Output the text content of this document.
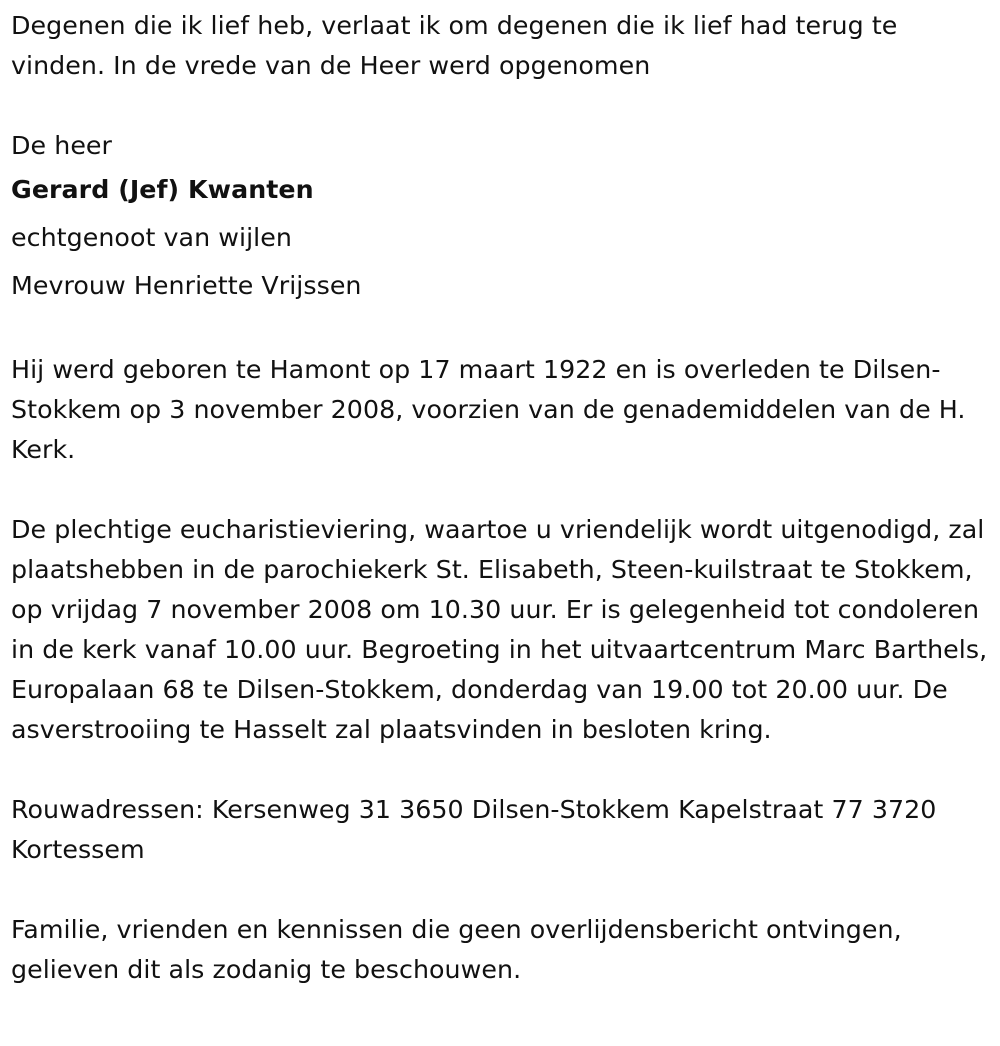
Degenen die ik lief heb, verlaat ik om degenen die ik lief had terug te vinden. In de vrede van de Heer werd opgenomen

De heer
Gerard (Jef) Kwanten
echtgenoot van wijlen
Mevrouw Henriette Vrijssen

Hij werd geboren te Hamont op 17 maart 1922 en is overleden te Dilsen-Stokkem op 3 november 2008, voorzien van de genademiddelen van de H. Kerk.

De plechtige eucharistieviering, waartoe u vriendelijk wordt uitgenodigd, zal plaatshebben in de parochiekerk St. Elisabeth, Steen-kuilstraat te Stokkem, op vrijdag 7 november 2008 om 10.30 uur. Er is gelegenheid tot condoleren in de kerk vanaf 10.00 uur. Begroeting in het uitvaartcentrum Marc Barthels, Europalaan 68 te Dilsen-Stokkem, donderdag van 19.00 tot 20.00 uur. De asverstrooiing te Hasselt zal plaatsvinden in besloten kring.

Rouwadressen: Kersenweg 31 3650 Dilsen-Stokkem Kapelstraat 77 3720 Kortessem

Familie, vrienden en kennissen die geen overlijdensbericht ontvingen, gelieven dit als zodanig te beschouwen.
